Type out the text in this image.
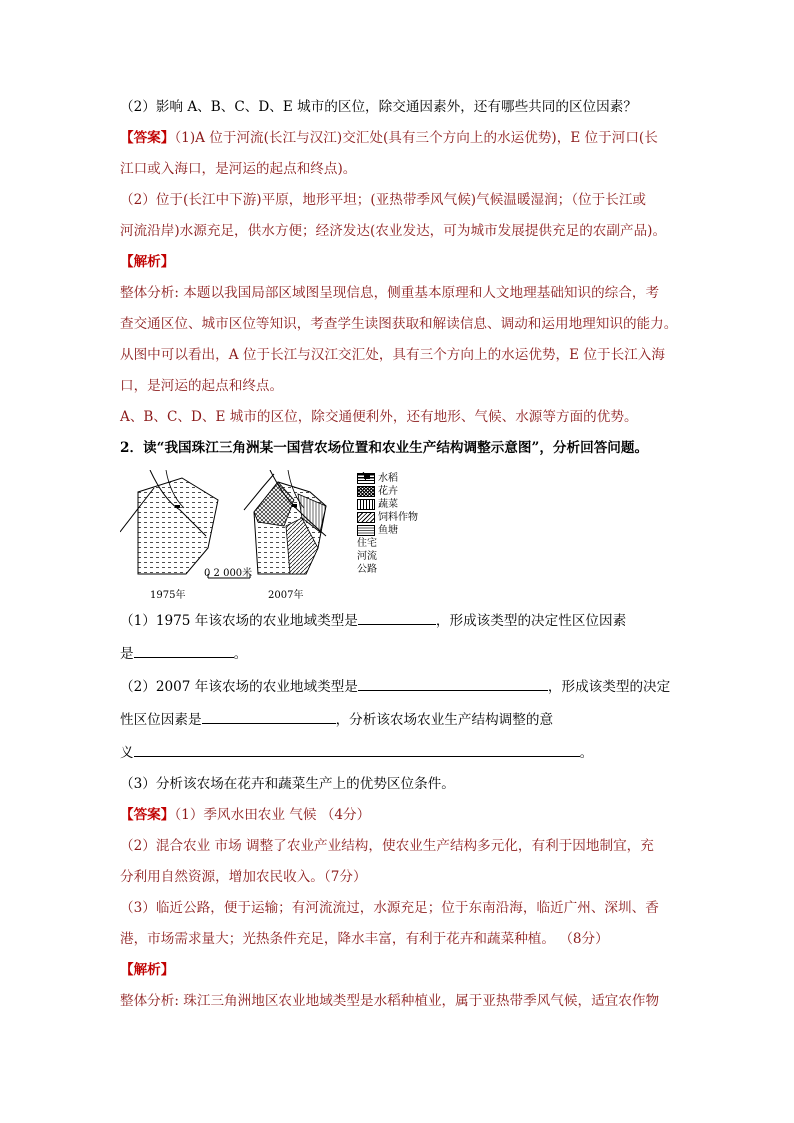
（2）影响 A、B、C、D、E 城市的区位，除交通因素外，还有哪些共同的区位因素？

【答案】（1)A 位于河流(长江与汉江)交汇处(具有三个方向上的水运优势)，E 位于河口(长

江口或入海口，是河运的起点和终点)。

（2）位于(长江中下游)平原，地形平坦；(亚热带季风气候)气候温暖湿润；（位于长江或

河流沿岸)水源充足，供水方便；经济发达(农业发达，可为城市发展提供充足的农副产品)。

【解析】

整体分析: 本题以我国局部区域图呈现信息，侧重基本原理和人文地理基础知识的综合，考

查交通区位、城市区位等知识，考查学生读图获取和解读信息、调动和运用地理知识的能力。

从图中可以看出，A 位于长江与汉江交汇处，具有三个方向上的水运优势，E 位于长江入海

口，是河运的起点和终点。

A、B、C、D、E 城市的区位，除交通便利外，还有地形、气候、水源等方面的优势。

2．读“我国珠江三角洲某一国营农场位置和农业生产结构调整示意图”，分析回答问题。

0 2 000米
1975年	2007年
水稻
花卉
蔬菜
饲料作物
鱼塘
住宅
河流
公路

（1）1975 年该农场的农业地域类型是	，形成该类型的决定性区位因素

是	。

（2）2007 年该农场的农业地域类型是	，形成该类型的决定

性区位因素是	，分析该农场农业生产结构调整的意

义	。

（3）分析该农场在花卉和蔬菜生产上的优势区位条件。

【答案】（1）季风水田农业 气候 （4分）

（2）混合农业 市场 调整了农业产业结构，使农业生产结构多元化，有利于因地制宜，充

分利用自然资源，增加农民收入。（7分）

（3）临近公路，便于运输；有河流流过，水源充足；位于东南沿海，临近广州、深圳、香

港，市场需求量大；光热条件充足，降水丰富，有利于花卉和蔬菜种植。 （8分）

【解析】

整体分析: 珠江三角洲地区农业地域类型是水稻种植业，属于亚热带季风气候，适宜农作物
